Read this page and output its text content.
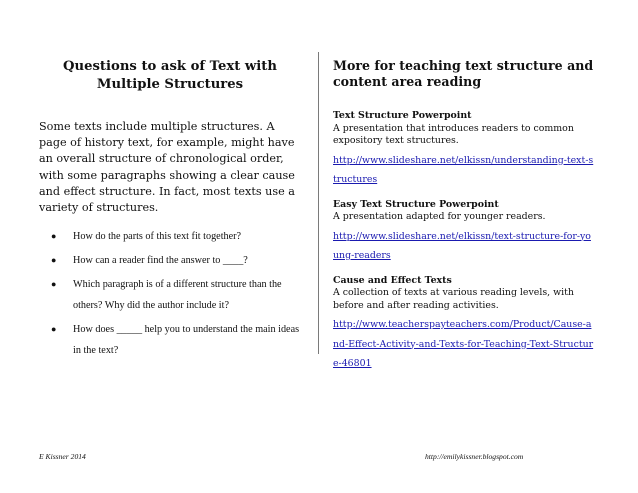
Questions to ask of Text with Multiple Structures

Some texts include multiple structures. A page of history text, for example, might have an overall structure of chronological order, with some paragraphs showing a clear cause and effect structure. In fact, most texts use a variety of structures.

● How do the parts of this text fit together?
● How can a reader find the answer to ____?
● Which paragraph is of a different structure than the others? Why did the author include it?
● How does _____ help you to understand the main ideas in the text?
More for teaching text structure and content area reading
Text Structure Powerpoint
A presentation that introduces readers to common expository text structures.
http://www.slideshare.net/elkissn/understanding-text-structures
Easy Text Structure Powerpoint
A presentation adapted for younger readers.
http://www.slideshare.net/elkissn/text-structure-for-young-readers
Cause and Effect Texts
A collection of texts at various reading levels, with before and after reading activities.
http://www.teacherspayteachers.com/Product/Cause-and-Effect-Activity-and-Texts-for-Teaching-Text-Structure-46801
E Kissner 2014	http://emilykissner.blogspot.com
